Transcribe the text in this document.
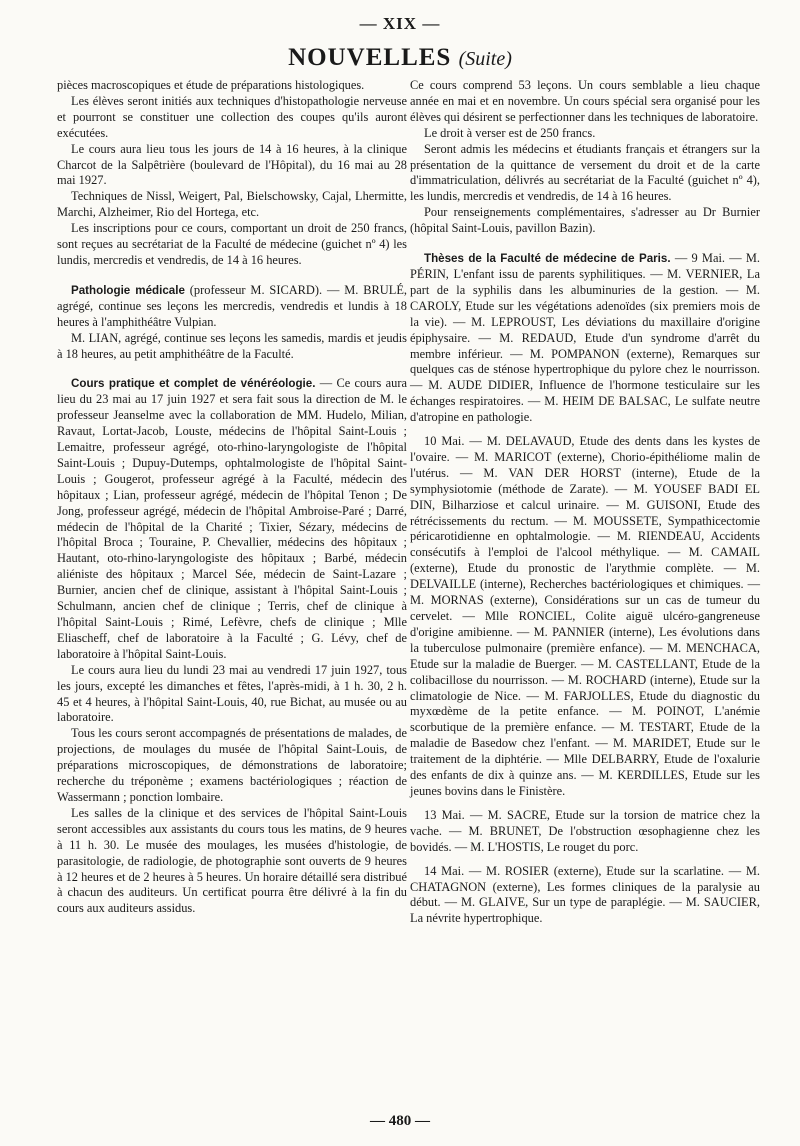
— XIX —
NOUVELLES (Suite)

pièces macroscopiques et étude de préparations histologiques.

Les élèves seront initiés aux techniques d'histopathologie nerveuse et pourront se constituer une collection des coupes qu'ils auront exécutées.

Le cours aura lieu tous les jours de 14 à 16 heures, à la clinique Charcot de la Salpêtrière (boulevard de l'Hôpital), du 16 mai au 28 mai 1927.

Techniques de Nissl, Weigert, Pal, Bielschowsky, Cajal, Lhermitte, Marchi, Alzheimer, Rio del Hortega, etc.

Les inscriptions pour ce cours, comportant un droit de 250 francs, sont reçues au secrétariat de la Faculté de médecine (guichet nº 4) les lundis, mercredis et vendredis, de 14 à 16 heures.

Pathologie médicale (professeur M. SICARD). — M. BRULÉ, agrégé, continue ses leçons les mercredis, vendredis et lundis à 18 heures à l'amphithéâtre Vulpian.

M. LIAN, agrégé, continue ses leçons les samedis, mardis et jeudis à 18 heures, au petit amphithéâtre de la Faculté.

Cours pratique et complet de vénéréologie. — Ce cours aura lieu du 23 mai au 17 juin 1927 et sera fait sous la direction de M. le professeur Jeanselme avec la collaboration de MM. Hudelo, Milian, Ravaut, Lortat-Jacob, Louste, médecins de l'hôpital Saint-Louis ; Lemaitre, professeur agrégé, oto-rhino-laryngologiste de l'hôpital Saint-Louis ; Dupuy-Dutemps, ophtalmologiste de l'hôpital Saint-Louis ; Gougerot, professeur agrégé à la Faculté, médecin des hôpitaux ; Lian, professeur agrégé, médecin de l'hôpital Tenon ; De Jong, professeur agrégé, médecin de l'hôpital Ambroise-Paré ; Darré, médecin de l'hôpital de la Charité ; Tixier, Sézary, médecins de l'hôpital Broca ; Touraine, P. Chevallier, médecins des hôpitaux ; Hautant, oto-rhino-laryngologiste des hôpitaux ; Barbé, médecin aliéniste des hôpitaux ; Marcel Sée, médecin de Saint-Lazare ; Burnier, ancien chef de clinique, assistant à l'hôpital Saint-Louis ; Schulmann, ancien chef de clinique ; Terris, chef de clinique à l'hôpital Saint-Louis ; Rimé, Lefèvre, chefs de clinique ; Mlle Eliascheff, chef de laboratoire à la Faculté ; G. Lévy, chef de laboratoire à l'hôpital Saint-Louis.

Le cours aura lieu du lundi 23 mai au vendredi 17 juin 1927, tous les jours, excepté les dimanches et fêtes, l'après-midi, à 1 h. 30, 2 h. 45 et 4 heures, à l'hôpital Saint-Louis, 40, rue Bichat, au musée ou au laboratoire.

Tous les cours seront accompagnés de présentations de malades, de projections, de moulages du musée de l'hôpital Saint-Louis, de préparations microscopiques, de démonstrations de laboratoire; recherche du tréponème ; examens bactériologiques ; réaction de Wassermann ; ponction lombaire.

Les salles de la clinique et des services de l'hôpital Saint-Louis seront accessibles aux assistants du cours tous les matins, de 9 heures à 11 h. 30. Le musée des moulages, les musées d'histologie, de parasitologie, de radiologie, de photographie sont ouverts de 9 heures à 12 heures et de 2 heures à 5 heures. Un horaire détaillé sera distribué à chacun des auditeurs. Un certificat pourra être délivré à la fin du cours aux auditeurs assidus.

Ce cours comprend 53 leçons. Un cours semblable a lieu chaque année en mai et en novembre. Un cours spécial sera organisé pour les élèves qui désirent se perfectionner dans les techniques de laboratoire.

Le droit à verser est de 250 francs.

Seront admis les médecins et étudiants français et étrangers sur la présentation de la quittance de versement du droit et de la carte d'immatriculation, délivrés au secrétariat de la Faculté (guichet nº 4), les lundis, mercredis et vendredis, de 14 à 16 heures.

Pour renseignements complémentaires, s'adresser au Dr Burnier (hôpital Saint-Louis, pavillon Bazin).

Thèses de la Faculté de médecine de Paris. — 9 Mai. — M. PÉRIN, L'enfant issu de parents syphilitiques. — M. VERNIER, La part de la syphilis dans les albuminuries de la gestion. — M. CAROLY, Etude sur les végétations adenoïdes (six premiers mois de la vie). — M. LEPROUST, Les déviations du maxillaire d'origine épiphysaire. — M. REDAUD, Etude d'un syndrome d'arrêt du membre inférieur. — M. POMPANON (externe), Remarques sur quelques cas de sténose hypertrophique du pylore chez le nourrisson. — M. AUDE DIDIER, Influence de l'hormone testiculaire sur les échanges respiratoires. — M. HEIM DE BALSAC, Le sulfate neutre d'atropine en pathologie.

10 Mai. — M. DELAVAUD, Etude des dents dans les kystes de l'ovaire. — M. MARICOT (externe), Chorio-épithéliome malin de l'utérus. — M. VAN DER HORST (interne), Etude de la symphysiotomie (méthode de Zarate). — M. YOUSEF BADI EL DIN, Bilharziose et calcul urinaire. — M. GUISONI, Etude des rétrécissements du rectum. — M. MOUSSETE, Sympathicectomie péricarotidienne en ophtalmologie. — M. RIENDEAU, Accidents consécutifs à l'emploi de l'alcool méthylique. — M. CAMAIL (externe), Etude du pronostic de l'arythmie complète. — M. DELVAILLE (interne), Recherches bactériologiques et chimiques. — M. MORNAS (externe), Considérations sur un cas de tumeur du cervelet. — Mlle RONCIEL, Colite aiguë ulcéro-gangreneuse d'origine amibienne. — M. PANNIER (interne), Les évolutions dans la tuberculose pulmonaire (première enfance). — M. MENCHACA, Etude sur la maladie de Buerger. — M. CASTELLANT, Etude de la colibacillose du nourrisson. — M. ROCHARD (interne), Etude sur la climatologie de Nice. — M. FARJOLLES, Etude du diagnostic du myxœdème de la petite enfance. — M. POINOT, L'anémie scorbutique de la première enfance. — M. TESTART, Etude de la maladie de Basedow chez l'enfant. — M. MARIDET, Etude sur le traitement de la diphtérie. — Mlle DELBARRY, Etude de l'oxalurie des enfants de dix à quinze ans. — M. KERDILLES, Etude sur les jeunes bovins dans le Finistère.

13 Mai. — M. SACRE, Etude sur la torsion de matrice chez la vache. — M. BRUNET, De l'obstruction œsophagienne chez les bovidés. — M. L'HOSTIS, Le rouget du porc.

14 Mai. — M. ROSIER (externe), Etude sur la scarlatine. — M. CHATAGNON (externe), Les formes cliniques de la paralysie au début. — M. GLAIVE, Sur un type de paraplégie. — M. SAUCIER, La névrite hypertrophique.

— 480 —
